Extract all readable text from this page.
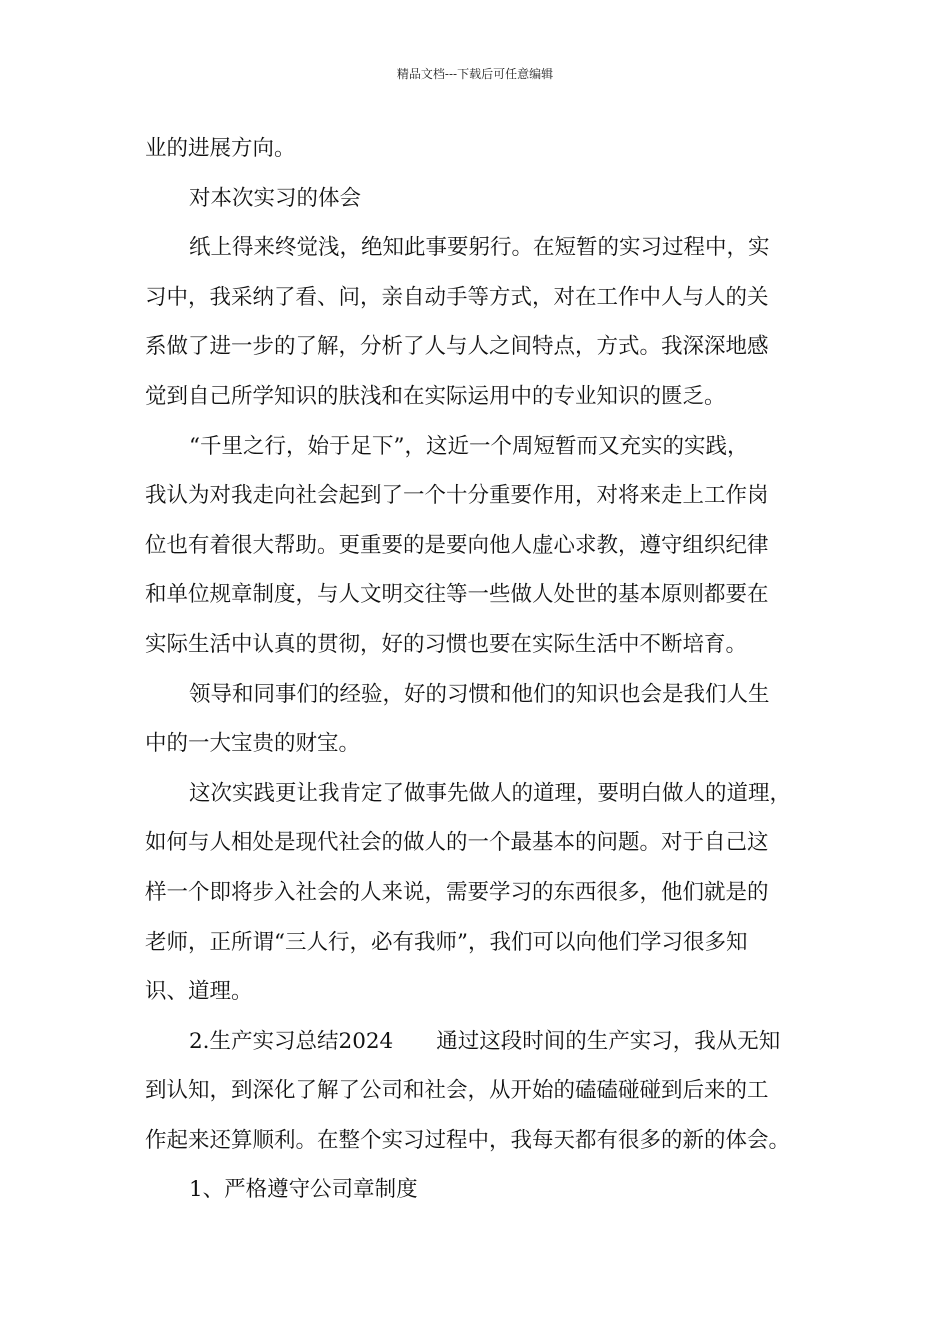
精品文档---下载后可任意编辑
业的进展方向。
对本次实习的体会
纸上得来终觉浅，绝知此事要躬行。在短暂的实习过程中，实
习中，我采纳了看、问，亲自动手等方式，对在工作中人与人的关
系做了进一步的了解，分析了人与人之间特点，方式。我深深地感
觉到自己所学知识的肤浅和在实际运用中的专业知识的匮乏。
“千里之行，始于足下”，这近一个周短暂而又充实的实践，
我认为对我走向社会起到了一个十分重要作用，对将来走上工作岗
位也有着很大帮助。更重要的是要向他人虚心求教，遵守组织纪律
和单位规章制度，与人文明交往等一些做人处世的基本原则都要在
实际生活中认真的贯彻，好的习惯也要在实际生活中不断培育。
领导和同事们的经验，好的习惯和他们的知识也会是我们人生
中的一大宝贵的财宝。
这次实践更让我肯定了做事先做人的道理，要明白做人的道理，
如何与人相处是现代社会的做人的一个最基本的问题。对于自己这
样一个即将步入社会的人来说，需要学习的东西很多，他们就是的
老师，正所谓“三人行，必有我师”，我们可以向他们学习很多知
识、道理。
2.生产实习总结2024　　通过这段时间的生产实习，我从无知
到认知，到深化了解了公司和社会，从开始的磕磕碰碰到后来的工
作起来还算顺利。在整个实习过程中，我每天都有很多的新的体会。
1、严格遵守公司章制度
